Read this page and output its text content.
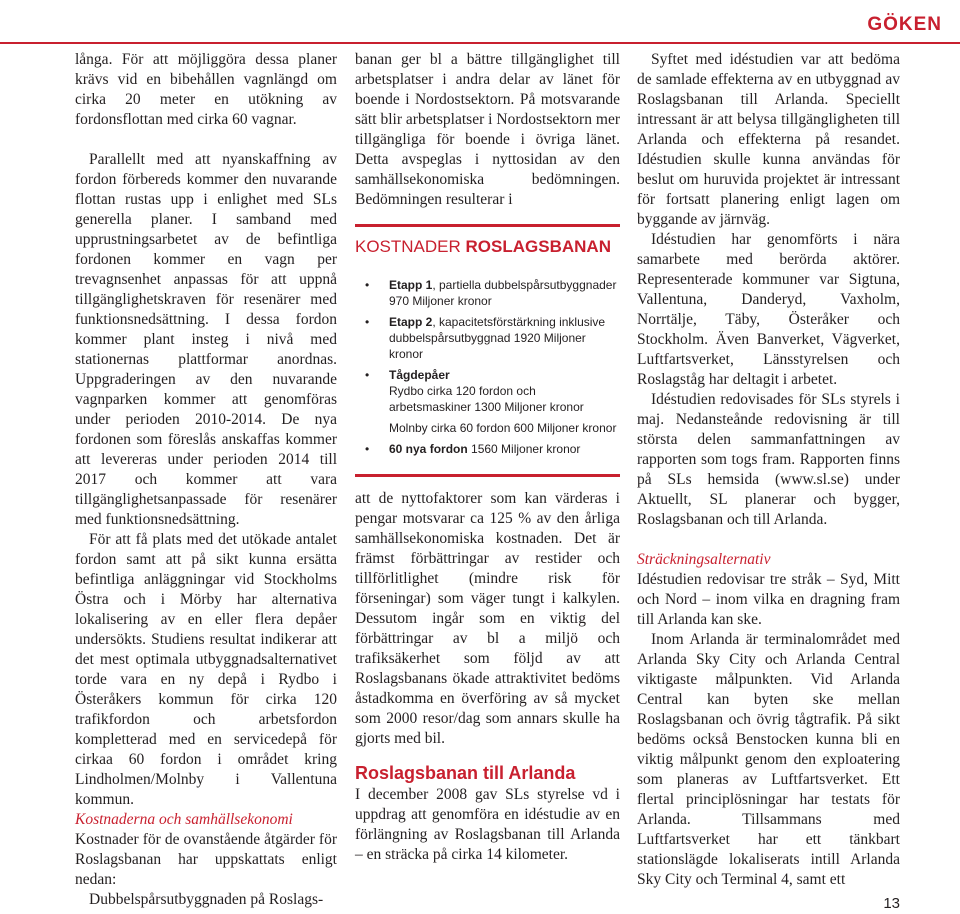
GÖKEN

långa. För att möjliggöra dessa planer krävs vid en bibehållen vagnlängd om cirka 20 meter en utökning av fordonsflottan med cirka 60 vagnar.

Parallellt med att nyanskaffning av fordon förbereds kommer den nuvarande flottan rustas upp i enlighet med SLs generella planer. I samband med upprustningsarbetet av de befintliga fordonen kommer en vagn per trevagnsenhet anpassas för att uppnå tillgänglighetskraven för resenärer med funktionsnedsättning. I dessa fordon kommer plant insteg i nivå med stationernas plattformar anordnas. Uppgraderingen av den nuvarande vagnparken kommer att genomföras under perioden 2010-2014. De nya fordonen som föreslås anskaffas kommer att levereras under perioden 2014 till 2017 och kommer att vara tillgänglighetsanpassade för resenärer med funktionsnedsättning.

För att få plats med det utökade antalet fordon samt att på sikt kunna ersätta befintliga anläggningar vid Stockholms Östra och i Mörby har alternativa lokalisering av en eller flera depåer undersökts. Studiens resultat indikerar att det mest optimala utbyggnadsalternativet torde vara en ny depå i Rydbo i Österåkers kommun för cirka 120 trafikfordon och arbetsfordon kompletterad med en servicedepå för cirkaa 60 fordon i området kring Lindholmen/Molnby i Vallentuna kommun.

Kostnaderna och samhällsekonomi

Kostnader för de ovanstående åtgärder för Roslagsbanan har uppskattats enligt nedan:

Dubbelspårsutbyggnaden på Roslags-

banan ger bl a bättre tillgänglighet till arbetsplatser i andra delar av länet för boende i Nordostsektorn. På motsvarande sätt blir arbetsplatser i Nordostsektorn mer tillgängliga för boende i övriga länet. Detta avspeglas i nyttosidan av den samhällsekonomiska bedömningen. Bedömningen resulterar i

KOSTNADER ROSLAGSBANAN
• Etapp 1, partiella dubbelspårsutbyggnader 970 Miljoner kronor
• Etapp 2, kapacitetsförstärkning inklusive dubbelspårsutbyggnad 1920 Miljoner kronor
• Tågdepåer
Rydbo cirka 120 fordon och arbetsmaskiner 1300 Miljoner kronor
Molnby cirka 60 fordon 600 Miljoner kronor
• 60 nya fordon 1560 Miljoner kronor

att de nyttofaktorer som kan värderas i pengar motsvarar ca 125 % av den årliga samhällsekonomiska kostnaden. Det är främst förbättringar av restider och tillförlitlighet (mindre risk för förseningar) som väger tungt i kalkylen. Dessutom ingår som en viktig del förbättringar av bl a miljö och trafiksäkerhet som följd av att Roslagsbanans ökade attraktivitet bedöms åstadkomma en överföring av så mycket som 2000 resor/dag som annars skulle ha gjorts med bil.

Roslagsbanan till Arlanda

I december 2008 gav SLs styrelse vd i uppdrag att genomföra en idéstudie av en förlängning av Roslagsbanan till Arlanda – en sträcka på cirka 14 kilometer.

Syftet med idéstudien var att bedöma de samlade effekterna av en utbyggnad av Roslagsbanan till Arlanda. Speciellt intressant är att belysa tillgängligheten till Arlanda och effekterna på resandet. Idéstudien skulle kunna användas för beslut om huruvida projektet är intressant för fortsatt planering enligt lagen om byggande av järnväg.

Idéstudien har genomförts i nära samarbete med berörda aktörer. Representerade kommuner var Sigtuna, Vallentuna, Danderyd, Vaxholm, Norrtälje, Täby, Österåker och Stockholm. Även Banverket, Vägverket, Luftfartsverket, Länsstyrelsen och Roslagståg har deltagit i arbetet.

Idéstudien redovisades för SLs styrels i maj. Nedansteånde redovisning är till största delen sammanfattningen av rapporten som togs fram. Rapporten finns på SLs hemsida (www.sl.se) under Aktuellt, SL planerar och bygger, Roslagsbanan och till Arlanda.

Sträckningsalternativ

Idéstudien redovisar tre stråk – Syd, Mitt och Nord – inom vilka en dragning fram till Arlanda kan ske.

Inom Arlanda är terminalområdet med Arlanda Sky City och Arlanda Central viktigaste målpunkten. Vid Arlanda Central kan byten ske mellan Roslagsbanan och övrig tågtrafik. På sikt bedöms också Benstocken kunna bli en viktig målpunkt genom den exploatering som planeras av Luftfartsverket. Ett flertal principlösningar har testats för Arlanda. Tillsammans med Luftfartsverket har ett tänkbart stationslägde lokaliserats intill Arlanda Sky City och Terminal 4, samt ett

13
